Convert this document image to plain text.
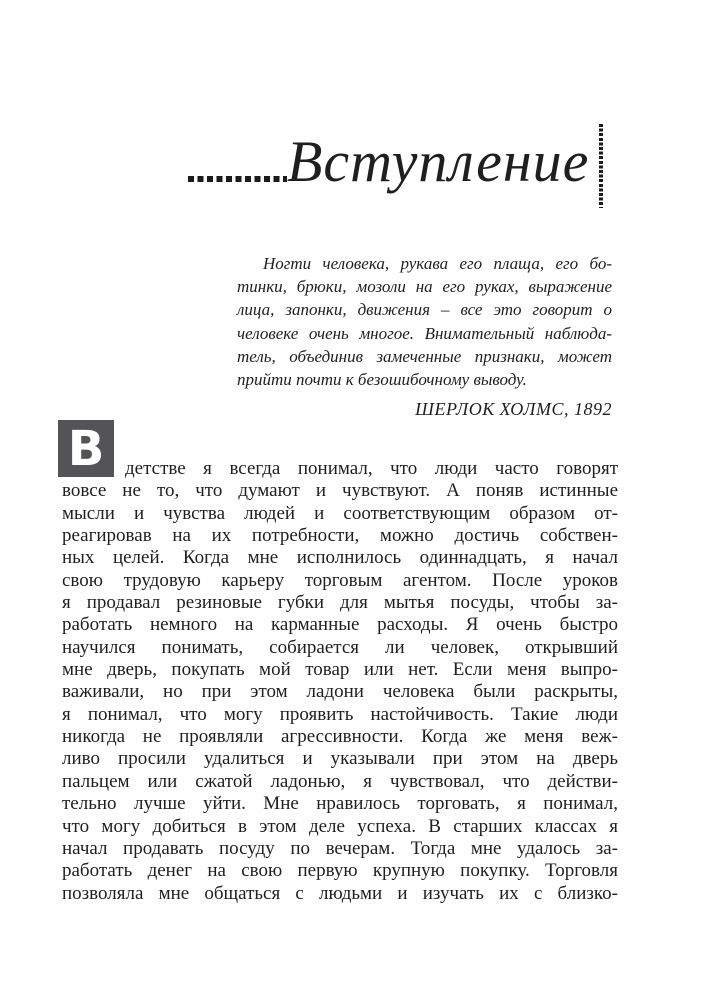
Вступление
Ногти человека, рукава его плаща, его бо-
тинки, брюки, мозоли на его руках, выражение
лица, запонки, движения – все это говорит о
человеке очень многое. Внимательный наблюда-
тель, объединив замеченные признаки, может
прийти почти к безошибочному выводу.
ШЕРЛОК ХОЛМС, 1892
В	детстве я всегда понимал, что люди часто говорят
вовсе не то, что думают и чувствуют. А поняв истинные
мысли и чувства людей и соответствующим образом от-
реагировав на их потребности, можно достичь собствен-
ных целей. Когда мне исполнилось одиннадцать, я начал
свою трудовую карьеру торговым агентом. После уроков
я продавал резиновые губки для мытья посуды, чтобы за-
работать немного на карманные расходы. Я очень быстро
научился понимать, собирается ли человек, открывший
мне дверь, покупать мой товар или нет. Если меня выпро-
важивали, но при этом ладони человека были раскрыты,
я понимал, что могу проявить настойчивость. Такие люди
никогда не проявляли агрессивности. Когда же меня веж-
ливо просили удалиться и указывали при этом на дверь
пальцем или сжатой ладонью, я чувствовал, что действи-
тельно лучше уйти. Мне нравилось торговать, я понимал,
что могу добиться в этом деле успеха. В старших классах я
начал продавать посуду по вечерам. Тогда мне удалось за-
работать денег на свою первую крупную покупку. Торговля
позволяла мне общаться с людьми и изучать их с близко-
